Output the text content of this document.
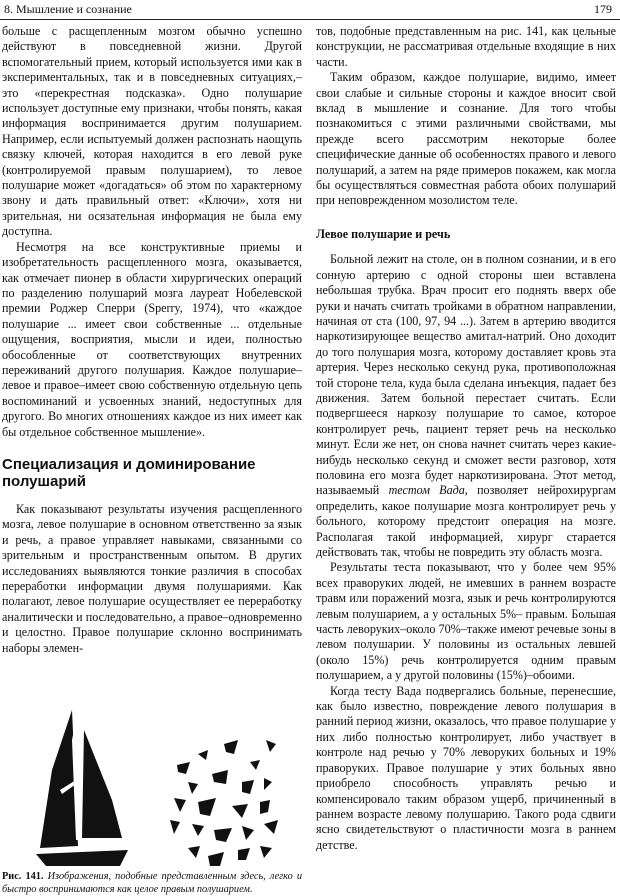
8. Мышление и сознание	179

больше с расщепленным мозгом обычно успешно действуют в повседневной жизни. Другой вспомогательный прием, который используется ими как в экспериментальных, так и в повседневных ситуациях,–это «перекрестная подсказка». Одно полушарие использует доступные ему признаки, чтобы понять, какая информация воспринимается другим полушарием. Например, если испытуемый должен распознать наощупь связку ключей, которая находится в его левой руке (контролируемой правым полушарием), то левое полушарие может «догадаться» об этом по характерному звону и дать правильный ответ: «Ключи», хотя ни зрительная, ни осязательная информация не была ему доступна.

Несмотря на все конструктивные приемы и изобретательность расщепленного мозга, оказывается, как отмечает пионер в области хирургических операций по разделению полушарий мозга лауреат Нобелевской премии Роджер Сперри (Sperry, 1974), что «каждое полушарие ... имеет свои собственные ... отдельные ощущения, восприятия, мысли и идеи, полностью обособленные от соответствующих внутренних переживаний другого полушария. Каждое полушарие–левое и правое–имеет свою собственную отдельную цепь воспоминаний и усвоенных знаний, недоступных для другого. Во многих отношениях каждое из них имеет как бы отдельное собственное мышление».

Специализация и доминирование полушарий

Как показывают результаты изучения расщепленного мозга, левое полушарие в основном ответственно за язык и речь, а правое управляет навыками, связанными со зрительным и пространственным опытом. В других исследованиях выявляются тонкие различия в способах переработки информации двумя полушариями. Как полагают, левое полушарие осуществляет ее переработку аналитически и последовательно, а правое–одновременно и целостно. Правое полушарие склонно воспринимать наборы элемен-

Рис. 141. Изображения, подобные представленным здесь, легко и быстро воспринимаются как целое правым полушарием.

тов, подобные представленным на рис. 141, как цельные конструкции, не рассматривая отдельные входящие в них части.

Таким образом, каждое полушарие, видимо, имеет свои слабые и сильные стороны и каждое вносит свой вклад в мышление и сознание. Для того чтобы познакомиться с этими различными свойствами, мы прежде всего рассмотрим некоторые более специфические данные об особенностях правого и левого полушарий, а затем на ряде примеров покажем, как могла бы осуществляться совместная работа обоих полушарий при неповрежденном мозолистом теле.

Левое полушарие и речь

Больной лежит на столе, он в полном сознании, и в его сонную артерию с одной стороны шеи вставлена небольшая трубка. Врач просит его поднять вверх обе руки и начать считать тройками в обратном направлении, начиная от ста (100, 97, 94 ...). Затем в артерию вводится наркотизирующее вещество амитал-натрий. Оно доходит до того полушария мозга, которому доставляет кровь эта артерия. Через несколько секунд рука, противоположная той стороне тела, куда была сделана инъекция, падает без движения. Затем больной перестает считать. Если подвергшееся наркозу полушарие то самое, которое контролирует речь, пациент теряет речь на несколько минут. Если же нет, он снова начнет считать через какие-нибудь несколько секунд и сможет вести разговор, хотя половина его мозга будет наркотизирована. Этот метод, называемый тестом Вада, позволяет нейрохирургам определить, какое полушарие мозга контролирует речь у больного, которому предстоит операция на мозге. Располагая такой информацией, хирург старается действовать так, чтобы не повредить эту область мозга.

Результаты теста показывают, что у более чем 95% всех праворуких людей, не имевших в раннем возрасте травм или поражений мозга, язык и речь контролируются левым полушарием, а у остальных 5%– правым. Большая часть леворуких–около 70%–также имеют речевые зоны в левом полушарии. У половины из остальных левшей (около 15%) речь контролируется одним правым полушарием, а у другой половины (15%)–обоими.

Когда тесту Вада подвергались больные, перенесшие, как было известно, повреждение левого полушария в ранний период жизни, оказалось, что правое полушарие у них либо полностью контролирует, либо участвует в контроле над речью у 70% леворуких больных и 19% праворуких. Правое полушарие у этих больных явно приобрело способность управлять речью и компенсировало таким образом ущерб, причиненный в раннем возрасте левому полушарию. Такого рода сдвиги ясно свидетельствуют о пластичности мозга в раннем детстве.
